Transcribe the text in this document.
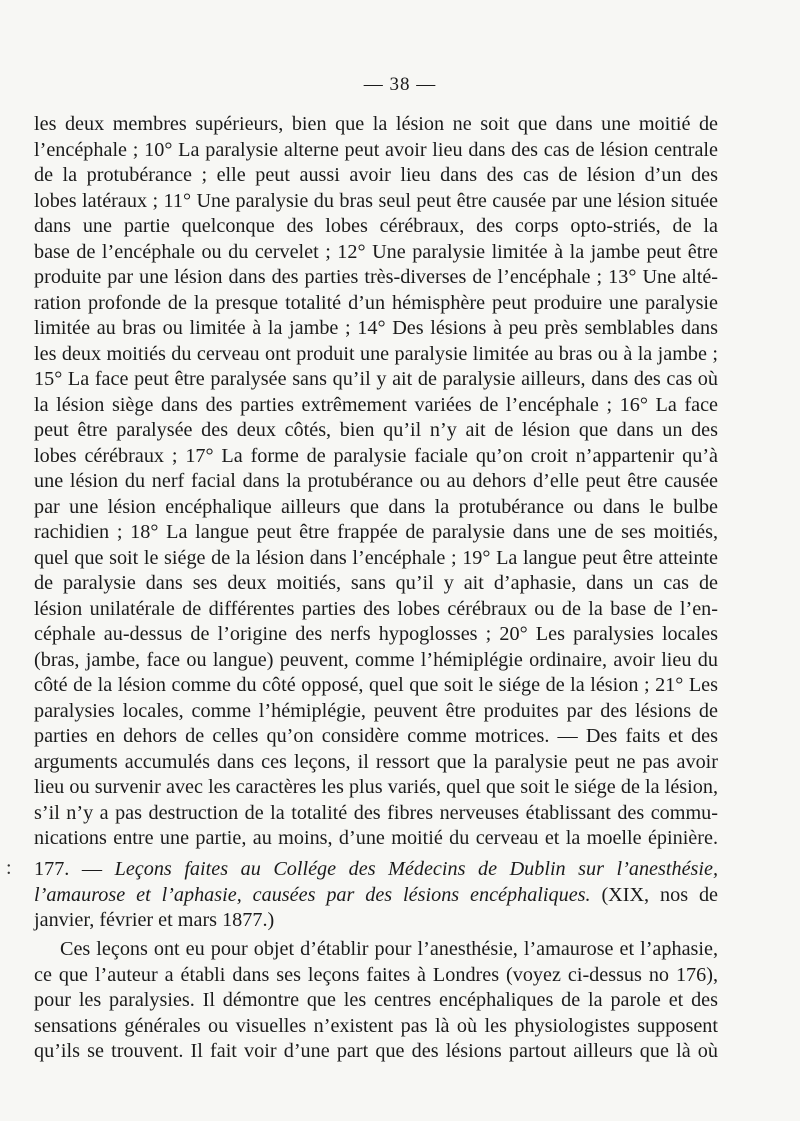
— 38 —
les deux membres supérieurs, bien que la lésion ne soit que dans une moitié de
l’encéphale ; 10° La paralysie alterne peut avoir lieu dans des cas de lésion centrale
de la protubérance ; elle peut aussi avoir lieu dans des cas de lésion d’un des
lobes latéraux ; 11° Une paralysie du bras seul peut être causée par une lésion située
dans une partie quelconque des lobes cérébraux, des corps opto-striés, de la
base de l’encéphale ou du cervelet ; 12° Une paralysie limitée à la jambe peut être
produite par une lésion dans des parties très-diverses de l’encéphale ; 13° Une alté-
ration profonde de la presque totalité d’un hémisphère peut produire une paralysie
limitée au bras ou limitée à la jambe ; 14° Des lésions à peu près semblables dans
les deux moitiés du cerveau ont produit une paralysie limitée au bras ou à la jambe ;
15° La face peut être paralysée sans qu’il y ait de paralysie ailleurs, dans des cas où
la lésion siège dans des parties extrêmement variées de l’encéphale ; 16° La face
peut être paralysée des deux côtés, bien qu’il n’y ait de lésion que dans un des
lobes cérébraux ; 17° La forme de paralysie faciale qu’on croit n’appartenir qu’à
une lésion du nerf facial dans la protubérance ou au dehors d’elle peut être causée
par une lésion encéphalique ailleurs que dans la protubérance ou dans le bulbe
rachidien ; 18° La langue peut être frappée de paralysie dans une de ses moitiés,
quel que soit le siége de la lésion dans l’encéphale ; 19° La langue peut être atteinte
de paralysie dans ses deux moitiés, sans qu’il y ait d’aphasie, dans un cas de
lésion unilatérale de différentes parties des lobes cérébraux ou de la base de l’en-
céphale au-dessus de l’origine des nerfs hypoglosses ; 20° Les paralysies locales
(bras, jambe, face ou langue) peuvent, comme l’hémiplégie ordinaire, avoir lieu du
côté de la lésion comme du côté opposé, quel que soit le siége de la lésion ; 21° Les
paralysies locales, comme l’hémiplégie, peuvent être produites par des lésions de
parties en dehors de celles qu’on considère comme motrices. — Des faits et des
arguments accumulés dans ces leçons, il ressort que la paralysie peut ne pas avoir
lieu ou survenir avec les caractères les plus variés, quel que soit le siége de la lésion,
s’il n’y a pas destruction de la totalité des fibres nerveuses établissant des commu-
nications entre une partie, au moins, d’une moitié du cerveau et la moelle épinière.
: 177. — Leçons faites au Collége des Médecins de Dublin sur l’anesthésie, l’amaurose et l’aphasie, causées par des lésions encéphaliques. (XIX, nos de janvier, février et mars 1877.)
Ces leçons ont eu pour objet d’établir pour l’anesthésie, l’amaurose et l’aphasie,
ce que l’auteur a établi dans ses leçons faites à Londres (voyez ci-dessus no 176),
pour les paralysies. Il démontre que les centres encéphaliques de la parole et des
sensations générales ou visuelles n’existent pas là où les physiologistes supposent
qu’ils se trouvent. Il fait voir d’une part que des lésions partout ailleurs que là où
